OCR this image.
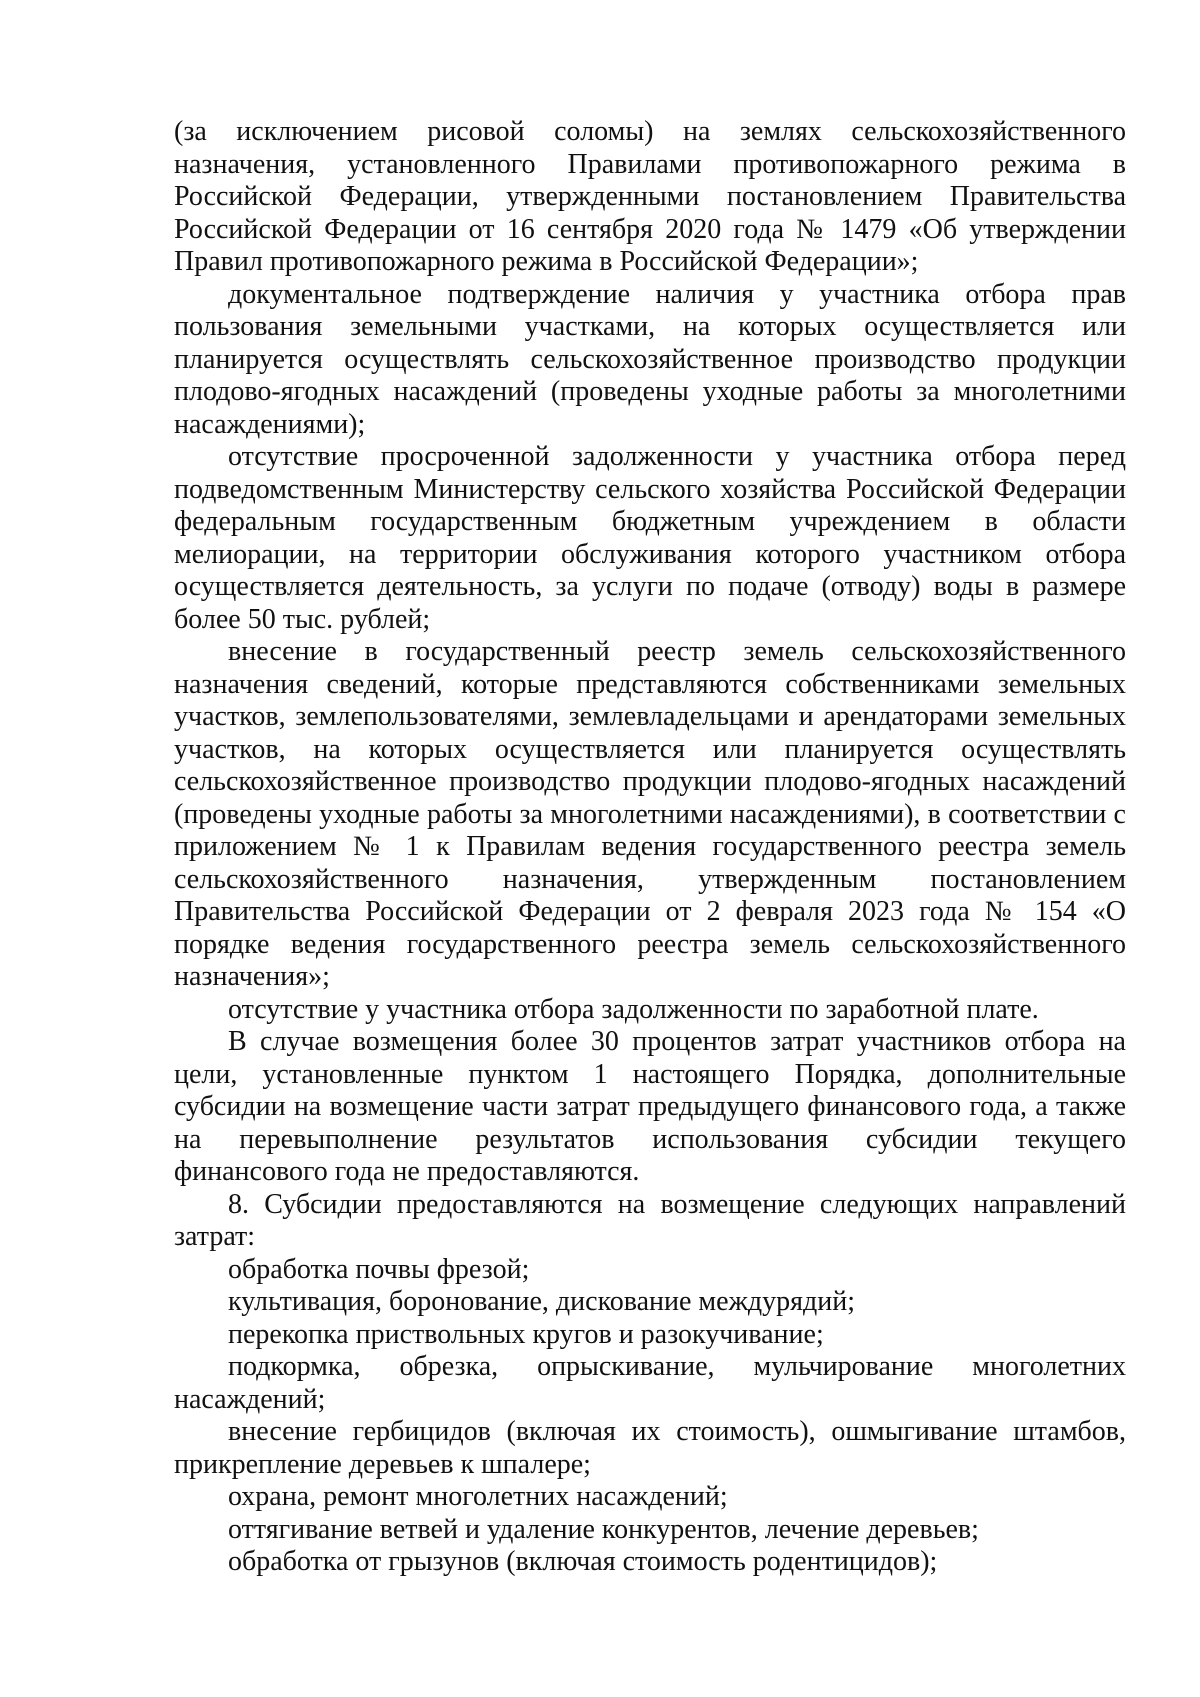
(за исключением рисовой соломы) на землях сельскохозяйственного назначения, установленного Правилами противопожарного режима в Российской Федерации, утвержденными постановлением Правительства Российской Федерации от 16 сентября 2020 года № 1479 «Об утверждении Правил противопожарного режима в Российской Федерации»;

документальное подтверждение наличия у участника отбора прав пользования земельными участками, на которых осуществляется или планируется осуществлять сельскохозяйственное производство продукции плодово-ягодных насаждений (проведены уходные работы за многолетними насаждениями);

отсутствие просроченной задолженности у участника отбора перед подведомственным Министерству сельского хозяйства Российской Федерации федеральным государственным бюджетным учреждением в области мелиорации, на территории обслуживания которого участником отбора осуществляется деятельность, за услуги по подаче (отводу) воды в размере более 50 тыс. рублей;

внесение в государственный реестр земель сельскохозяйственного назначения сведений, которые представляются собственниками земельных участков, землепользователями, землевладельцами и арендаторами земельных участков, на которых осуществляется или планируется осуществлять сельскохозяйственное производство продукции плодово-ягодных насаждений (проведены уходные работы за многолетними насаждениями), в соответствии с приложением № 1 к Правилам ведения государственного реестра земель сельскохозяйственного назначения, утвержденным постановлением Правительства Российской Федерации от 2 февраля 2023 года № 154 «О порядке ведения государственного реестра земель сельскохозяйственного назначения»;

отсутствие у участника отбора задолженности по заработной плате.

В случае возмещения более 30 процентов затрат участников отбора на цели, установленные пунктом 1 настоящего Порядка, дополнительные субсидии на возмещение части затрат предыдущего финансового года, а также на перевыполнение результатов использования субсидии текущего финансового года не предоставляются.

8. Субсидии предоставляются на возмещение следующих направлений затрат:

обработка почвы фрезой;

культивация, боронование, дискование междурядий;

перекопка приствольных кругов и разокучивание;

подкормка, обрезка, опрыскивание, мульчирование многолетних насаждений;

внесение гербицидов (включая их стоимость), ошмыгивание штамбов, прикрепление деревьев к шпалере;

охрана, ремонт многолетних насаждений;

оттягивание ветвей и удаление конкурентов, лечение деревьев;

обработка от грызунов (включая стоимость родентицидов);
